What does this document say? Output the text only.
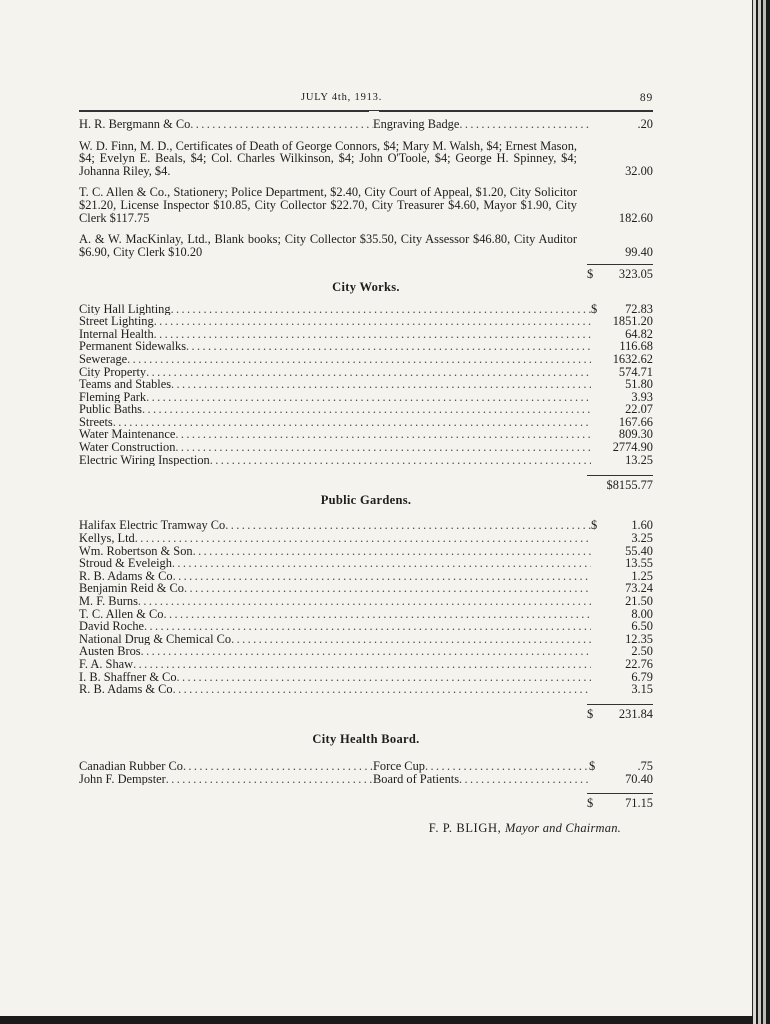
JULY 4th, 1913.	89
H. R. Bergmann & Co .....	Engraving Badge .....	.20
W. D. Finn, M. D., Certificates of Death of George Connors, $4; Mary M. Walsh, $4; Ernest Mason, $4; Evelyn E. Beals, $4; Col. Charles Wilkinson, $4; John O'Toole, $4; George H. Spinney, $4; Johanna Riley, $4.	32.00
T. C. Allen & Co., Stationery; Police Department, $2.40, City Court of Appeal, $1.20, City Solicitor $21.20, License Inspector $10.85, City Collector $22.70, City Treasurer $4.60, Mayor $1.90, City Clerk $117.75	182.60
A. & W. MacKinlay, Ltd., Blank books; City Collector $35.50, City Assessor $46.80, City Auditor $6.90, City Clerk $10.20	99.40
$ 323.05
City Works.
City Hall Lighting .....	$	72.83
Street Lighting .....	1851.20
Internal Health .....	64.82
Permanent Sidewalks .....	116.68
Sewerage .....	1632.62
City Property .....	574.71
Teams and Stables .....	51.80
Fleming Park .....	3.93
Public Baths .....	22.07
Streets .....	167.66
Water Maintenance .....	809.30
Water Construction .....	2774.90
Electric Wiring Inspection .....	13.25
$8155.77
Public Gardens.
Halifax Electric Tramway Co .....	$	1.60
Kellys, Ltd .....	3.25
Wm. Robertson & Son .....	55.40
Stroud & Eveleigh .....	13.55
R. B. Adams & Co .....	1.25
Benjamin Reid & Co .....	73.24
M. F. Burns .....	21.50
T. C. Allen & Co .....	8.00
David Roche .....	6.50
National Drug & Chemical Co .....	12.35
Austen Bros .....	2.50
F. A. Shaw .....	22.76
I. B. Shaffner & Co .....	6.79
R. B. Adams & Co .....	3.15
$ 231.84
City Health Board.
Canadian Rubber Co .....	Force Cup .....	$	.75
John F. Dempster .....	Board of Patients .....	70.40
$	71.15
F. P. BLIGH, Mayor and Chairman.
